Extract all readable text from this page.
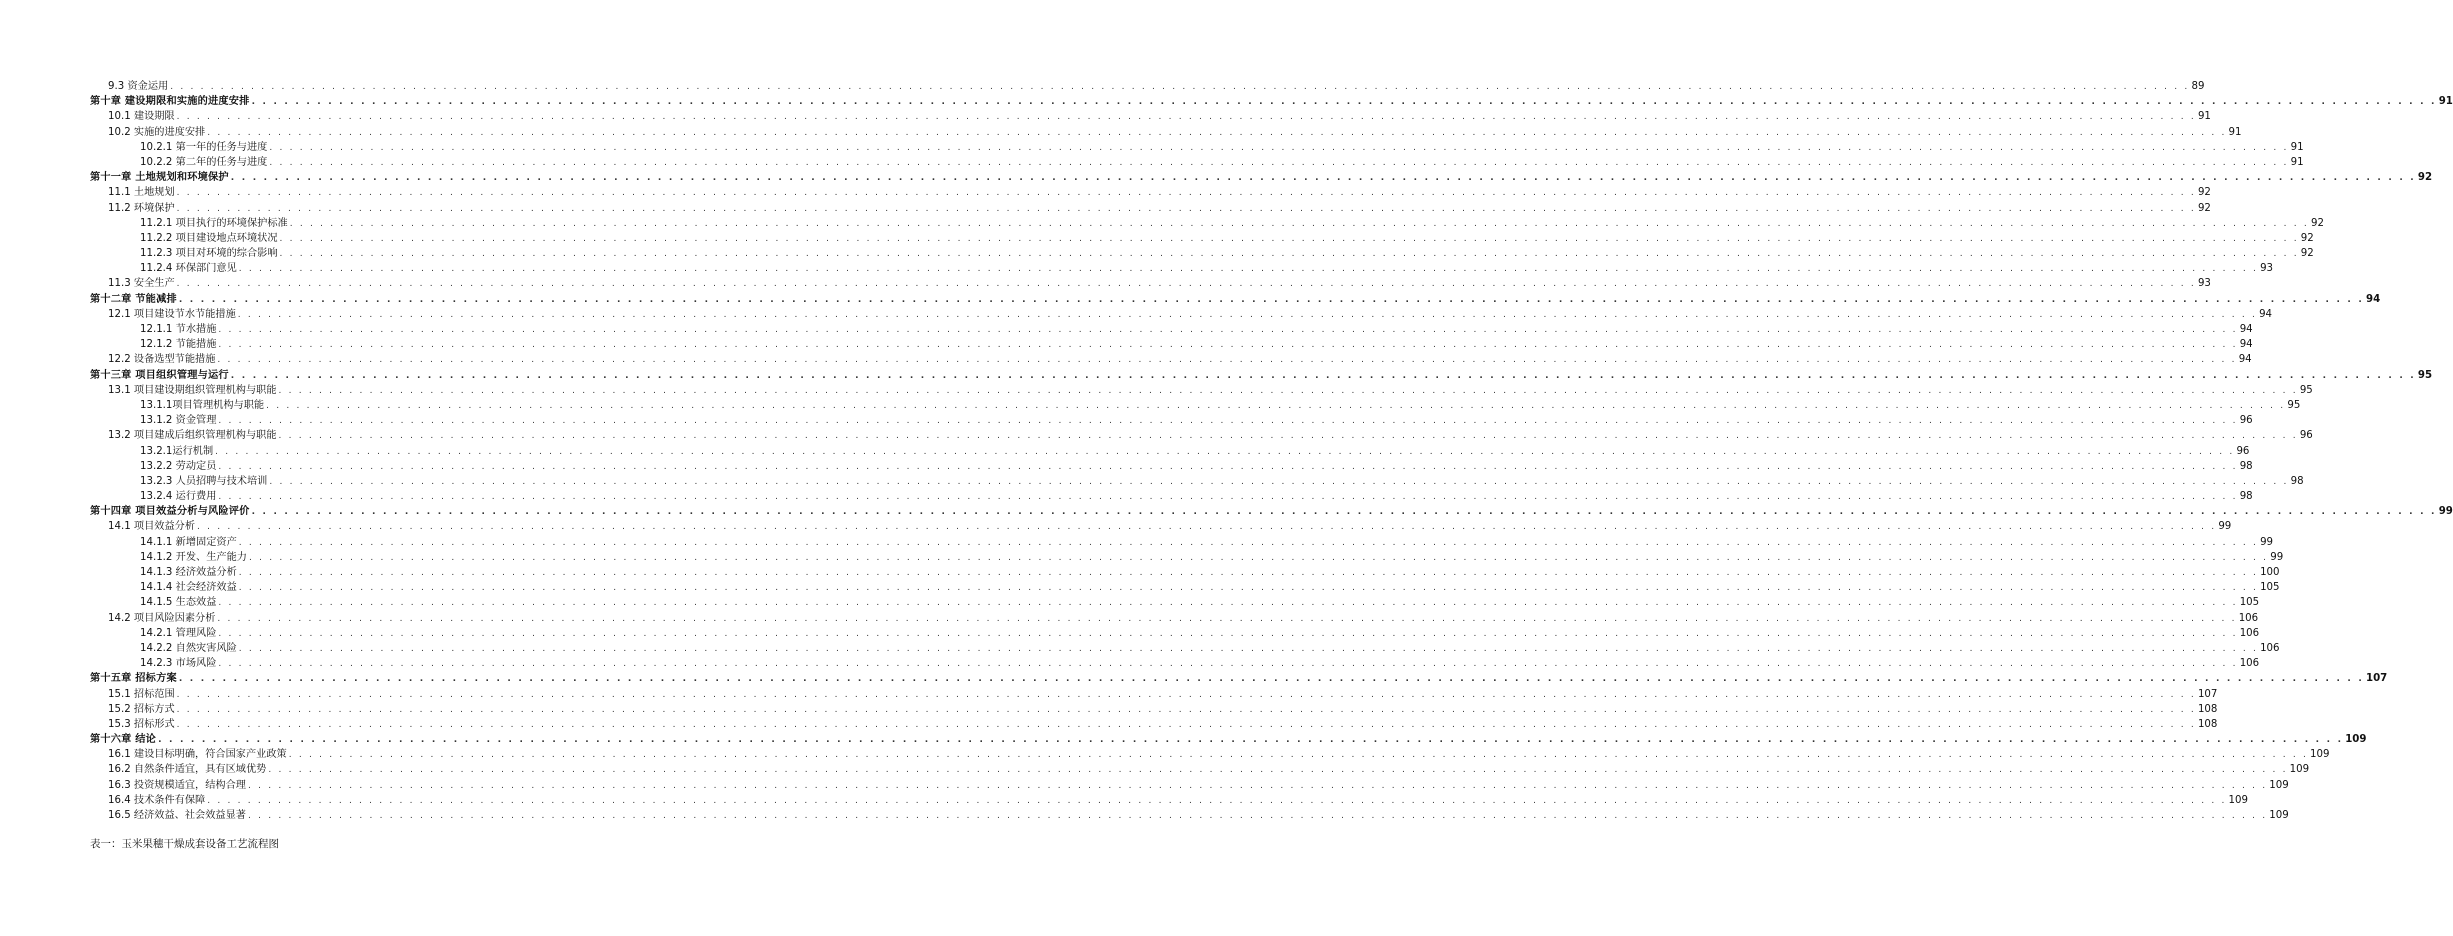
9.3 资金运用 . . . . . . . . . . . . . . . . . . . . . . . . . . . . . . . . . . . . . . . . . . . . . . . . . . . . . . . . . . . . . . . . . . . . . . . . . . . . . . . . . . . . . . . . . . . . . . . . . . . . . . . . . . . . . . . . . . . . . . . . . . . . . . . . . . . . . . . . . . . . . . . . . . . . . . . . . . . . . . . . . . . . . . . . . . . . . . . . . . . . . . . . . . . . . . . . . . . . . . . . 89
第十章 建设期限和实施的进度安排 . . . . . . . . . . . . . . . . . . . . . . . . . . . . . . . . . . . . . . . . . . . . . . . . . . . . . . . . . . . . . . . . . . . . . . . . . . . . . . . . . . . . . . . . . . . . . . . . . . . . . . . . . . . . . . . . . . . . . . . . . . . . . . . . . . . . . . . . . . . . . . . . . . . . . . . . . . . . . . . . . . . . . . . . . . . . . . . . . . . . . . . . . . . . . . . . . . . . . . . . 91
10.1 建设期限 . . . . . . . . . . . . . . . . . . . . . . . . . . . . . . . . . . . . . . . . . . . . . . . . . . . . . . . . . . . . . . . . . . . . . . . . . . . . . . . . . . . . . . . . . . . . . . . . . . . . . . . . . . . . . . . . . . . . . . . . . . . . . . . . . . . . . . . . . . . . . . . . . . . . . . . . . . . . . . . . . . . . . . . . . . . . . . . . . . . . . . . . . . . . . . . . . . . . . . . . 91
10.2 实施的进度安排 . . . . . . . . . . . . . . . . . . . . . . . . . . . . . . . . . . . . . . . . . . . . . . . . . . . . . . . . . . . . . . . . . . . . . . . . . . . . . . . . . . . . . . . . . . . . . . . . . . . . . . . . . . . . . . . . . . . . . . . . . . . . . . . . . . . . . . . . . . . . . . . . . . . . . . . . . . . . . . . . . . . . . . . . . . . . . . . . . . . . . . . . . . . . . . . . . . . . . . . . 91
10.2.1 第一年的任务与进度 . . . . . . . . . . . . . . . . . . . . . . . . . . . . . . . . . . . . . . . . . . . . . . . . . . . . . . . . . . . . . . . . . . . . . . . . . . . . . . . . . . . . . . . . . . . . . . . . . . . . . . . . . . . . . . . . . . . . . . . . . . . . . . . . . . . . . . . . . . . . . . . . . . . . . . . . . . . . . . . . . . . . . . . . . . . . . . . . . . . . . . . . . . . . . . . . . . . . . . . . 91
10.2.2 第二年的任务与进度 . . . . . . . . . . . . . . . . . . . . . . . . . . . . . . . . . . . . . . . . . . . . . . . . . . . . . . . . . . . . . . . . . . . . . . . . . . . . . . . . . . . . . . . . . . . . . . . . . . . . . . . . . . . . . . . . . . . . . . . . . . . . . . . . . . . . . . . . . . . . . . . . . . . . . . . . . . . . . . . . . . . . . . . . . . . . . . . . . . . . . . . . . . . . . . . . . . . . . . . . 91
第十一章 土地规划和环境保护 . . . . . . . . . . . . . . . . . . . . . . . . . . . . . . . . . . . . . . . . . . . . . . . . . . . . . . . . . . . . . . . . . . . . . . . . . . . . . . . . . . . . . . . . . . . . . . . . . . . . . . . . . . . . . . . . . . . . . . . . . . . . . . . . . . . . . . . . . . . . . . . . . . . . . . . . . . . . . . . . . . . . . . . . . . . . . . . . . . . . . . . . . . . . . . . . . . . . . . . . 92
11.1 土地规划 . . . . . . . . . . . . . . . . . . . . . . . . . . . . . . . . . . . . . . . . . . . . . . . . . . . . . . . . . . . . . . . . . . . . . . . . . . . . . . . . . . . . . . . . . . . . . . . . . . . . . . . . . . . . . . . . . . . . . . . . . . . . . . . . . . . . . . . . . . . . . . . . . . . . . . . . . . . . . . . . . . . . . . . . . . . . . . . . . . . . . . . . . . . . . . . . . . . . . . . . 92
11.2 环境保护 . . . . . . . . . . . . . . . . . . . . . . . . . . . . . . . . . . . . . . . . . . . . . . . . . . . . . . . . . . . . . . . . . . . . . . . . . . . . . . . . . . . . . . . . . . . . . . . . . . . . . . . . . . . . . . . . . . . . . . . . . . . . . . . . . . . . . . . . . . . . . . . . . . . . . . . . . . . . . . . . . . . . . . . . . . . . . . . . . . . . . . . . . . . . . . . . . . . . . . . . 92
11.2.1 项目执行的环境保护标准 . . . . . . . . . . . . . . . . . . . . . . . . . . . . . . . . . . . . . . . . . . . . . . . . . . . . . . . . . . . . . . . . . . . . . . . . . . . . . . . . . . . . . . . . . . . . . . . . . . . . . . . . . . . . . . . . . . . . . . . . . . . . . . . . . . . . . . . . . . . . . . . . . . . . . . . . . . . . . . . . . . . . . . . . . . . . . . . . . . . . . . . . . . . . . . . . . . . . . . . . 92
11.2.2 项目建设地点环境状况 . . . . . . . . . . . . . . . . . . . . . . . . . . . . . . . . . . . . . . . . . . . . . . . . . . . . . . . . . . . . . . . . . . . . . . . . . . . . . . . . . . . . . . . . . . . . . . . . . . . . . . . . . . . . . . . . . . . . . . . . . . . . . . . . . . . . . . . . . . . . . . . . . . . . . . . . . . . . . . . . . . . . . . . . . . . . . . . . . . . . . . . . . . . . . . . . . . . . . . . . 92
11.2.3 项目对环境的综合影响 . . . . . . . . . . . . . . . . . . . . . . . . . . . . . . . . . . . . . . . . . . . . . . . . . . . . . . . . . . . . . . . . . . . . . . . . . . . . . . . . . . . . . . . . . . . . . . . . . . . . . . . . . . . . . . . . . . . . . . . . . . . . . . . . . . . . . . . . . . . . . . . . . . . . . . . . . . . . . . . . . . . . . . . . . . . . . . . . . . . . . . . . . . . . . . . . . . . . . . . . 92
11.2.4 环保部门意见 . . . . . . . . . . . . . . . . . . . . . . . . . . . . . . . . . . . . . . . . . . . . . . . . . . . . . . . . . . . . . . . . . . . . . . . . . . . . . . . . . . . . . . . . . . . . . . . . . . . . . . . . . . . . . . . . . . . . . . . . . . . . . . . . . . . . . . . . . . . . . . . . . . . . . . . . . . . . . . . . . . . . . . . . . . . . . . . . . . . . . . . . . . . . . . . . . . . . . . . . 93
11.3 安全生产 . . . . . . . . . . . . . . . . . . . . . . . . . . . . . . . . . . . . . . . . . . . . . . . . . . . . . . . . . . . . . . . . . . . . . . . . . . . . . . . . . . . . . . . . . . . . . . . . . . . . . . . . . . . . . . . . . . . . . . . . . . . . . . . . . . . . . . . . . . . . . . . . . . . . . . . . . . . . . . . . . . . . . . . . . . . . . . . . . . . . . . . . . . . . . . . . . . . . . . . . 93
第十二章 节能减排 . . . . . . . . . . . . . . . . . . . . . . . . . . . . . . . . . . . . . . . . . . . . . . . . . . . . . . . . . . . . . . . . . . . . . . . . . . . . . . . . . . . . . . . . . . . . . . . . . . . . . . . . . . . . . . . . . . . . . . . . . . . . . . . . . . . . . . . . . . . . . . . . . . . . . . . . . . . . . . . . . . . . . . . . . . . . . . . . . . . . . . . . . . . . . . . . . . . . . . . . 94
12.1 项目建设节水节能措施 . . . . . . . . . . . . . . . . . . . . . . . . . . . . . . . . . . . . . . . . . . . . . . . . . . . . . . . . . . . . . . . . . . . . . . . . . . . . . . . . . . . . . . . . . . . . . . . . . . . . . . . . . . . . . . . . . . . . . . . . . . . . . . . . . . . . . . . . . . . . . . . . . . . . . . . . . . . . . . . . . . . . . . . . . . . . . . . . . . . . . . . . . . . . . . . . . . . . . . . . 94
12.1.1 节水措施 . . . . . . . . . . . . . . . . . . . . . . . . . . . . . . . . . . . . . . . . . . . . . . . . . . . . . . . . . . . . . . . . . . . . . . . . . . . . . . . . . . . . . . . . . . . . . . . . . . . . . . . . . . . . . . . . . . . . . . . . . . . . . . . . . . . . . . . . . . . . . . . . . . . . . . . . . . . . . . . . . . . . . . . . . . . . . . . . . . . . . . . . . . . . . . . . . . . . . . . . 94
12.1.2 节能措施 . . . . . . . . . . . . . . . . . . . . . . . . . . . . . . . . . . . . . . . . . . . . . . . . . . . . . . . . . . . . . . . . . . . . . . . . . . . . . . . . . . . . . . . . . . . . . . . . . . . . . . . . . . . . . . . . . . . . . . . . . . . . . . . . . . . . . . . . . . . . . . . . . . . . . . . . . . . . . . . . . . . . . . . . . . . . . . . . . . . . . . . . . . . . . . . . . . . . . . . . 94
12.2 设备选型节能措施 . . . . . . . . . . . . . . . . . . . . . . . . . . . . . . . . . . . . . . . . . . . . . . . . . . . . . . . . . . . . . . . . . . . . . . . . . . . . . . . . . . . . . . . . . . . . . . . . . . . . . . . . . . . . . . . . . . . . . . . . . . . . . . . . . . . . . . . . . . . . . . . . . . . . . . . . . . . . . . . . . . . . . . . . . . . . . . . . . . . . . . . . . . . . . . . . . . . . . . . . 94
第十三章 项目组织管理与运行 . . . . . . . . . . . . . . . . . . . . . . . . . . . . . . . . . . . . . . . . . . . . . . . . . . . . . . . . . . . . . . . . . . . . . . . . . . . . . . . . . . . . . . . . . . . . . . . . . . . . . . . . . . . . . . . . . . . . . . . . . . . . . . . . . . . . . . . . . . . . . . . . . . . . . . . . . . . . . . . . . . . . . . . . . . . . . . . . . . . . . . . . . . . . . . . . . . . . . . . . 95
13.1 项目建设期组织管理机构与职能 . . . . . . . . . . . . . . . . . . . . . . . . . . . . . . . . . . . . . . . . . . . . . . . . . . . . . . . . . . . . . . . . . . . . . . . . . . . . . . . . . . . . . . . . . . . . . . . . . . . . . . . . . . . . . . . . . . . . . . . . . . . . . . . . . . . . . . . . . . . . . . . . . . . . . . . . . . . . . . . . . . . . . . . . . . . . . . . . . . . . . . . . . . . . . . . . . . . . . . . . 95
13.1.1项目管理机构与职能 . . . . . . . . . . . . . . . . . . . . . . . . . . . . . . . . . . . . . . . . . . . . . . . . . . . . . . . . . . . . . . . . . . . . . . . . . . . . . . . . . . . . . . . . . . . . . . . . . . . . . . . . . . . . . . . . . . . . . . . . . . . . . . . . . . . . . . . . . . . . . . . . . . . . . . . . . . . . . . . . . . . . . . . . . . . . . . . . . . . . . . . . . . . . . . . . . . . . . . . . 95
13.1.2 资金管理 . . . . . . . . . . . . . . . . . . . . . . . . . . . . . . . . . . . . . . . . . . . . . . . . . . . . . . . . . . . . . . . . . . . . . . . . . . . . . . . . . . . . . . . . . . . . . . . . . . . . . . . . . . . . . . . . . . . . . . . . . . . . . . . . . . . . . . . . . . . . . . . . . . . . . . . . . . . . . . . . . . . . . . . . . . . . . . . . . . . . . . . . . . . . . . . . . . . . . . . . 96
13.2 项目建成后组织管理机构与职能 . . . . . . . . . . . . . . . . . . . . . . . . . . . . . . . . . . . . . . . . . . . . . . . . . . . . . . . . . . . . . . . . . . . . . . . . . . . . . . . . . . . . . . . . . . . . . . . . . . . . . . . . . . . . . . . . . . . . . . . . . . . . . . . . . . . . . . . . . . . . . . . . . . . . . . . . . . . . . . . . . . . . . . . . . . . . . . . . . . . . . . . . . . . . . . . . . . . . . . . . 96
13.2.1运行机制 . . . . . . . . . . . . . . . . . . . . . . . . . . . . . . . . . . . . . . . . . . . . . . . . . . . . . . . . . . . . . . . . . . . . . . . . . . . . . . . . . . . . . . . . . . . . . . . . . . . . . . . . . . . . . . . . . . . . . . . . . . . . . . . . . . . . . . . . . . . . . . . . . . . . . . . . . . . . . . . . . . . . . . . . . . . . . . . . . . . . . . . . . . . . . . . . . . . . . . . . 96
13.2.2 劳动定员 . . . . . . . . . . . . . . . . . . . . . . . . . . . . . . . . . . . . . . . . . . . . . . . . . . . . . . . . . . . . . . . . . . . . . . . . . . . . . . . . . . . . . . . . . . . . . . . . . . . . . . . . . . . . . . . . . . . . . . . . . . . . . . . . . . . . . . . . . . . . . . . . . . . . . . . . . . . . . . . . . . . . . . . . . . . . . . . . . . . . . . . . . . . . . . . . . . . . . . . . 98
13.2.3 人员招聘与技术培训 . . . . . . . . . . . . . . . . . . . . . . . . . . . . . . . . . . . . . . . . . . . . . . . . . . . . . . . . . . . . . . . . . . . . . . . . . . . . . . . . . . . . . . . . . . . . . . . . . . . . . . . . . . . . . . . . . . . . . . . . . . . . . . . . . . . . . . . . . . . . . . . . . . . . . . . . . . . . . . . . . . . . . . . . . . . . . . . . . . . . . . . . . . . . . . . . . . . . . . . . 98
13.2.4 运行费用 . . . . . . . . . . . . . . . . . . . . . . . . . . . . . . . . . . . . . . . . . . . . . . . . . . . . . . . . . . . . . . . . . . . . . . . . . . . . . . . . . . . . . . . . . . . . . . . . . . . . . . . . . . . . . . . . . . . . . . . . . . . . . . . . . . . . . . . . . . . . . . . . . . . . . . . . . . . . . . . . . . . . . . . . . . . . . . . . . . . . . . . . . . . . . . . . . . . . . . . . 98
第十四章 项目效益分析与风险评价 . . . . . . . . . . . . . . . . . . . . . . . . . . . . . . . . . . . . . . . . . . . . . . . . . . . . . . . . . . . . . . . . . . . . . . . . . . . . . . . . . . . . . . . . . . . . . . . . . . . . . . . . . . . . . . . . . . . . . . . . . . . . . . . . . . . . . . . . . . . . . . . . . . . . . . . . . . . . . . . . . . . . . . . . . . . . . . . . . . . . . . . . . . . . . . . . . . . . . . . . 99
14.1 项目效益分析 . . . . . . . . . . . . . . . . . . . . . . . . . . . . . . . . . . . . . . . . . . . . . . . . . . . . . . . . . . . . . . . . . . . . . . . . . . . . . . . . . . . . . . . . . . . . . . . . . . . . . . . . . . . . . . . . . . . . . . . . . . . . . . . . . . . . . . . . . . . . . . . . . . . . . . . . . . . . . . . . . . . . . . . . . . . . . . . . . . . . . . . . . . . . . . . . . . . . . . . . 99
14.1.1 新增固定资产 . . . . . . . . . . . . . . . . . . . . . . . . . . . . . . . . . . . . . . . . . . . . . . . . . . . . . . . . . . . . . . . . . . . . . . . . . . . . . . . . . . . . . . . . . . . . . . . . . . . . . . . . . . . . . . . . . . . . . . . . . . . . . . . . . . . . . . . . . . . . . . . . . . . . . . . . . . . . . . . . . . . . . . . . . . . . . . . . . . . . . . . . . . . . . . . . . . . . . . . . 99
14.1.2 开发、生产能力 . . . . . . . . . . . . . . . . . . . . . . . . . . . . . . . . . . . . . . . . . . . . . . . . . . . . . . . . . . . . . . . . . . . . . . . . . . . . . . . . . . . . . . . . . . . . . . . . . . . . . . . . . . . . . . . . . . . . . . . . . . . . . . . . . . . . . . . . . . . . . . . . . . . . . . . . . . . . . . . . . . . . . . . . . . . . . . . . . . . . . . . . . . . . . . . . . . . . . . . . 99
14.1.3 经济效益分析 . . . . . . . . . . . . . . . . . . . . . . . . . . . . . . . . . . . . . . . . . . . . . . . . . . . . . . . . . . . . . . . . . . . . . . . . . . . . . . . . . . . . . . . . . . . . . . . . . . . . . . . . . . . . . . . . . . . . . . . . . . . . . . . . . . . . . . . . . . . . . . . . . . . . . . . . . . . . . . . . . . . . . . . . . . . . . . . . . . . . . . . . . . . . . . . . . . . . . . . . 100
14.1.4 社会经济效益 . . . . . . . . . . . . . . . . . . . . . . . . . . . . . . . . . . . . . . . . . . . . . . . . . . . . . . . . . . . . . . . . . . . . . . . . . . . . . . . . . . . . . . . . . . . . . . . . . . . . . . . . . . . . . . . . . . . . . . . . . . . . . . . . . . . . . . . . . . . . . . . . . . . . . . . . . . . . . . . . . . . . . . . . . . . . . . . . . . . . . . . . . . . . . . . . . . . . . . . . 105
14.1.5 生态效益 . . . . . . . . . . . . . . . . . . . . . . . . . . . . . . . . . . . . . . . . . . . . . . . . . . . . . . . . . . . . . . . . . . . . . . . . . . . . . . . . . . . . . . . . . . . . . . . . . . . . . . . . . . . . . . . . . . . . . . . . . . . . . . . . . . . . . . . . . . . . . . . . . . . . . . . . . . . . . . . . . . . . . . . . . . . . . . . . . . . . . . . . . . . . . . . . . . . . . . . . 105
14.2 项目风险因素分析 . . . . . . . . . . . . . . . . . . . . . . . . . . . . . . . . . . . . . . . . . . . . . . . . . . . . . . . . . . . . . . . . . . . . . . . . . . . . . . . . . . . . . . . . . . . . . . . . . . . . . . . . . . . . . . . . . . . . . . . . . . . . . . . . . . . . . . . . . . . . . . . . . . . . . . . . . . . . . . . . . . . . . . . . . . . . . . . . . . . . . . . . . . . . . . . . . . . . . . . . 106
14.2.1 管理风险 . . . . . . . . . . . . . . . . . . . . . . . . . . . . . . . . . . . . . . . . . . . . . . . . . . . . . . . . . . . . . . . . . . . . . . . . . . . . . . . . . . . . . . . . . . . . . . . . . . . . . . . . . . . . . . . . . . . . . . . . . . . . . . . . . . . . . . . . . . . . . . . . . . . . . . . . . . . . . . . . . . . . . . . . . . . . . . . . . . . . . . . . . . . . . . . . . . . . . . . . 106
14.2.2 自然灾害风险 . . . . . . . . . . . . . . . . . . . . . . . . . . . . . . . . . . . . . . . . . . . . . . . . . . . . . . . . . . . . . . . . . . . . . . . . . . . . . . . . . . . . . . . . . . . . . . . . . . . . . . . . . . . . . . . . . . . . . . . . . . . . . . . . . . . . . . . . . . . . . . . . . . . . . . . . . . . . . . . . . . . . . . . . . . . . . . . . . . . . . . . . . . . . . . . . . . . . . . . . 106
14.2.3 市场风险 . . . . . . . . . . . . . . . . . . . . . . . . . . . . . . . . . . . . . . . . . . . . . . . . . . . . . . . . . . . . . . . . . . . . . . . . . . . . . . . . . . . . . . . . . . . . . . . . . . . . . . . . . . . . . . . . . . . . . . . . . . . . . . . . . . . . . . . . . . . . . . . . . . . . . . . . . . . . . . . . . . . . . . . . . . . . . . . . . . . . . . . . . . . . . . . . . . . . . . . . 106
第十五章 招标方案 . . . . . . . . . . . . . . . . . . . . . . . . . . . . . . . . . . . . . . . . . . . . . . . . . . . . . . . . . . . . . . . . . . . . . . . . . . . . . . . . . . . . . . . . . . . . . . . . . . . . . . . . . . . . . . . . . . . . . . . . . . . . . . . . . . . . . . . . . . . . . . . . . . . . . . . . . . . . . . . . . . . . . . . . . . . . . . . . . . . . . . . . . . . . . . . . . . . . . . . . 107
15.1 招标范围 . . . . . . . . . . . . . . . . . . . . . . . . . . . . . . . . . . . . . . . . . . . . . . . . . . . . . . . . . . . . . . . . . . . . . . . . . . . . . . . . . . . . . . . . . . . . . . . . . . . . . . . . . . . . . . . . . . . . . . . . . . . . . . . . . . . . . . . . . . . . . . . . . . . . . . . . . . . . . . . . . . . . . . . . . . . . . . . . . . . . . . . . . . . . . . . . . . . . . . . . 107
15.2 招标方式 . . . . . . . . . . . . . . . . . . . . . . . . . . . . . . . . . . . . . . . . . . . . . . . . . . . . . . . . . . . . . . . . . . . . . . . . . . . . . . . . . . . . . . . . . . . . . . . . . . . . . . . . . . . . . . . . . . . . . . . . . . . . . . . . . . . . . . . . . . . . . . . . . . . . . . . . . . . . . . . . . . . . . . . . . . . . . . . . . . . . . . . . . . . . . . . . . . . . . . . . 108
15.3 招标形式 . . . . . . . . . . . . . . . . . . . . . . . . . . . . . . . . . . . . . . . . . . . . . . . . . . . . . . . . . . . . . . . . . . . . . . . . . . . . . . . . . . . . . . . . . . . . . . . . . . . . . . . . . . . . . . . . . . . . . . . . . . . . . . . . . . . . . . . . . . . . . . . . . . . . . . . . . . . . . . . . . . . . . . . . . . . . . . . . . . . . . . . . . . . . . . . . . . . . . . . . 108
第十六章 结论 . . . . . . . . . . . . . . . . . . . . . . . . . . . . . . . . . . . . . . . . . . . . . . . . . . . . . . . . . . . . . . . . . . . . . . . . . . . . . . . . . . . . . . . . . . . . . . . . . . . . . . . . . . . . . . . . . . . . . . . . . . . . . . . . . . . . . . . . . . . . . . . . . . . . . . . . . . . . . . . . . . . . . . . . . . . . . . . . . . . . . . . . . . . . . . . . . . . . . . . . 109
16.1 建设目标明确，符合国家产业政策 . . . . . . . . . . . . . . . . . . . . . . . . . . . . . . . . . . . . . . . . . . . . . . . . . . . . . . . . . . . . . . . . . . . . . . . . . . . . . . . . . . . . . . . . . . . . . . . . . . . . . . . . . . . . . . . . . . . . . . . . . . . . . . . . . . . . . . . . . . . . . . . . . . . . . . . . . . . . . . . . . . . . . . . . . . . . . . . . . . . . . . . . . . . . . . . . . . . . . . . . 109
16.2 自然条件适宜，具有区域优势 . . . . . . . . . . . . . . . . . . . . . . . . . . . . . . . . . . . . . . . . . . . . . . . . . . . . . . . . . . . . . . . . . . . . . . . . . . . . . . . . . . . . . . . . . . . . . . . . . . . . . . . . . . . . . . . . . . . . . . . . . . . . . . . . . . . . . . . . . . . . . . . . . . . . . . . . . . . . . . . . . . . . . . . . . . . . . . . . . . . . . . . . . . . . . . . . . . . . . . . . 109
16.3 投资规模适宜，结构合理 . . . . . . . . . . . . . . . . . . . . . . . . . . . . . . . . . . . . . . . . . . . . . . . . . . . . . . . . . . . . . . . . . . . . . . . . . . . . . . . . . . . . . . . . . . . . . . . . . . . . . . . . . . . . . . . . . . . . . . . . . . . . . . . . . . . . . . . . . . . . . . . . . . . . . . . . . . . . . . . . . . . . . . . . . . . . . . . . . . . . . . . . . . . . . . . . . . . . . . . . 109
16.4 技术条件有保障 . . . . . . . . . . . . . . . . . . . . . . . . . . . . . . . . . . . . . . . . . . . . . . . . . . . . . . . . . . . . . . . . . . . . . . . . . . . . . . . . . . . . . . . . . . . . . . . . . . . . . . . . . . . . . . . . . . . . . . . . . . . . . . . . . . . . . . . . . . . . . . . . . . . . . . . . . . . . . . . . . . . . . . . . . . . . . . . . . . . . . . . . . . . . . . . . . . . . . . . . 109
16.5 经济效益、社会效益显著 . . . . . . . . . . . . . . . . . . . . . . . . . . . . . . . . . . . . . . . . . . . . . . . . . . . . . . . . . . . . . . . . . . . . . . . . . . . . . . . . . . . . . . . . . . . . . . . . . . . . . . . . . . . . . . . . . . . . . . . . . . . . . . . . . . . . . . . . . . . . . . . . . . . . . . . . . . . . . . . . . . . . . . . . . . . . . . . . . . . . . . . . . . . . . . . . . . . . . . . . 109
表一：玉米果穗干燥成套设备工艺流程图
